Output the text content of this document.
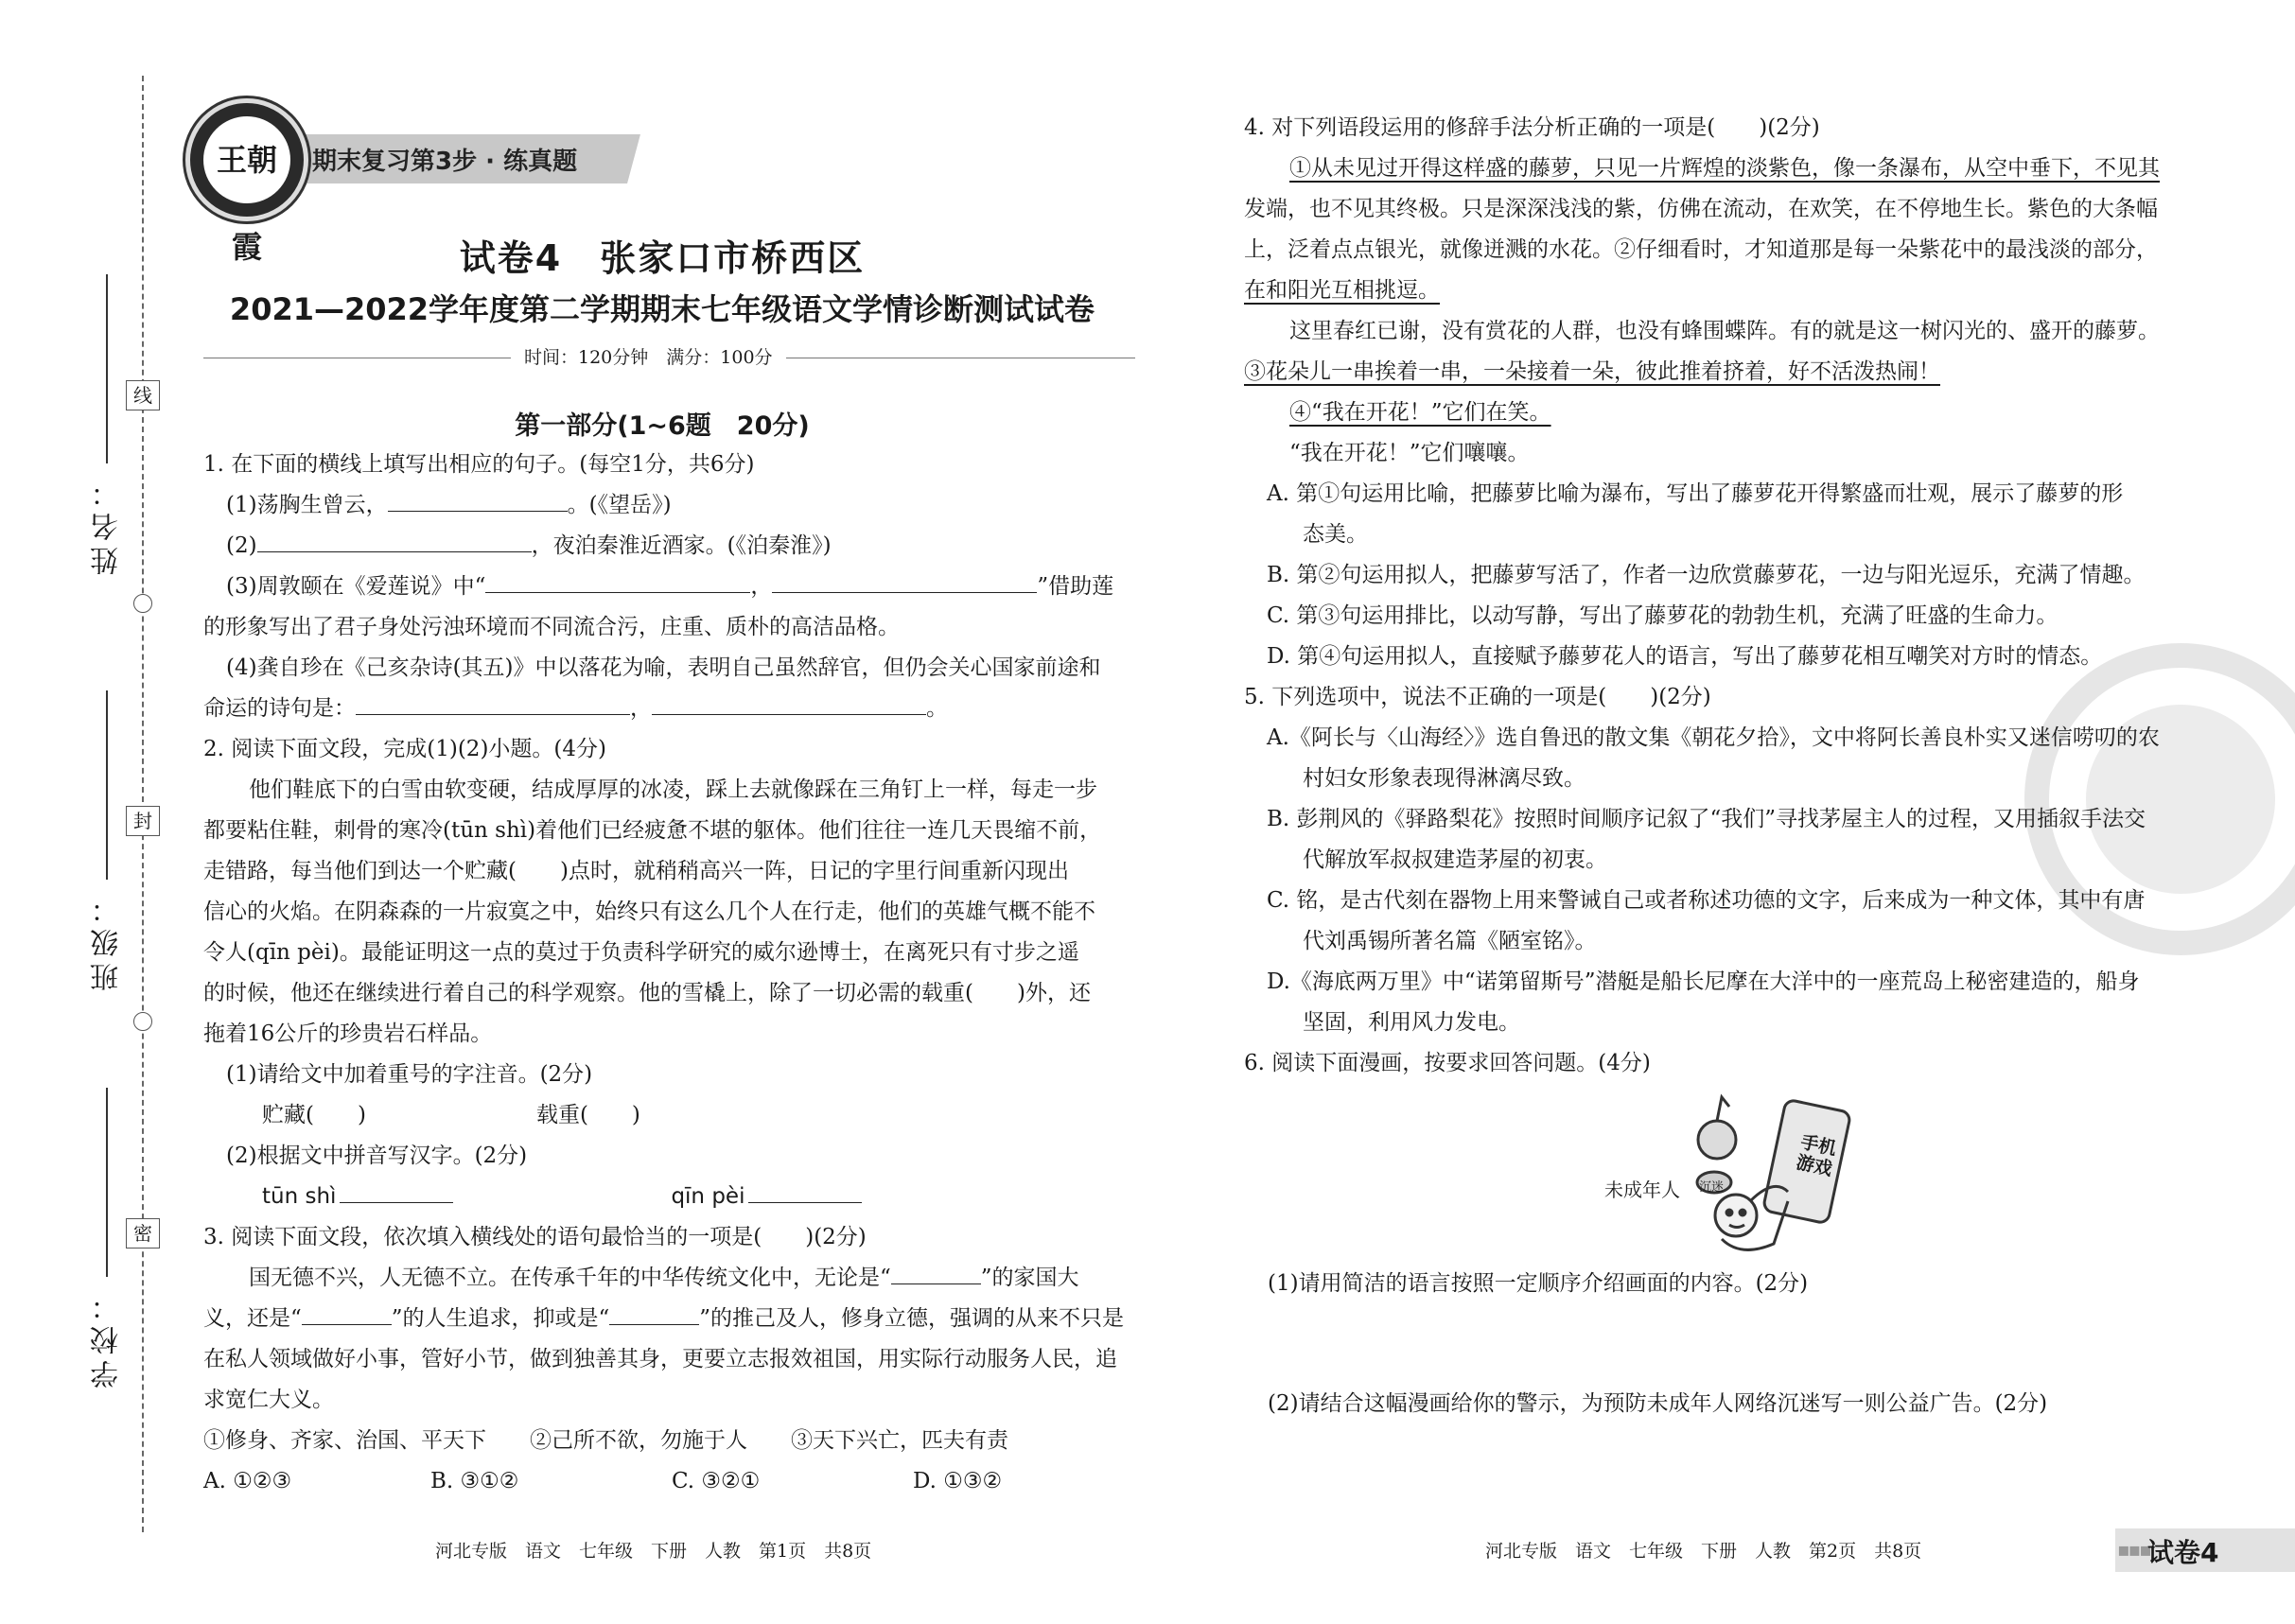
线
封
密
姓名：
班级：
学校：
王朝霞
期末复习第3步 · 练真题
试卷4　张家口市桥西区
2021—2022学年度第二学期期末七年级语文学情诊断测试试卷
时间：120分钟　满分：100分
第一部分(1~6题　20分)

1. 在下面的横线上填写出相应的句子。(每空1分，共6分)

(1)荡胸生曾云，	。(《望岳》)

(2)	，夜泊秦淮近酒家。(《泊秦淮》)

(3)周敦颐在《爱莲说》中“	，	”借助莲

的形象写出了君子身处污浊环境而不同流合污，庄重、质朴的高洁品格。

(4)龚自珍在《己亥杂诗(其五)》中以落花为喻，表明自己虽然辞官，但仍会关心国家前途和

命运的诗句是：	，	。

2. 阅读下面文段，完成(1)(2)小题。(4分)

他们鞋底下的白雪由软变硬，结成厚厚的冰凌，踩上去就像踩在三角钉上一样，每走一步

都要粘住鞋，刺骨的寒冷(tūn shì)着他们已经疲惫不堪的躯体。他们往往一连几天畏缩不前，

走错路，每当他们到达一个贮藏(　　)点时，就稍稍高兴一阵，日记的字里行间重新闪现出

信心的火焰。在阴森森的一片寂寞之中，始终只有这么几个人在行走，他们的英雄气概不能不

令人(qīn pèi)。最能证明这一点的莫过于负责科学研究的威尔逊博士，在离死只有寸步之遥

的时候，他还在继续进行着自己的科学观察。他的雪橇上，除了一切必需的载重(　　)外，还

拖着16公斤的珍贵岩石样品。

(1)请给文中加着重号的字注音。(2分)

贮藏(　　)	载重(　　)

(2)根据文中拼音写汉字。(2分)

tūn shì	qīn pèi

3. 阅读下面文段，依次填入横线处的语句最恰当的一项是(　　)(2分)

国无德不兴，人无德不立。在传承千年的中华传统文化中，无论是“	”的家国大

义，还是“	”的人生追求，抑或是“	”的推己及人，修身立德，强调的从来不只是

在私人领域做好小事，管好小节，做到独善其身，更要立志报效祖国，用实际行动服务人民，追

求宽仁大义。

①修身、齐家、治国、平天下　　②己所不欲，勿施于人　　③天下兴亡，匹夫有责

A. ①②③	B. ③①②	C. ③②①	D. ①③②

河北专版　语文　七年级　下册　人教　第1页　共8页

4. 对下列语段运用的修辞手法分析正确的一项是(　　)(2分)

①从未见过开得这样盛的藤萝，只见一片辉煌的淡紫色，像一条瀑布，从空中垂下，不见其

发端，也不见其终极。只是深深浅浅的紫，仿佛在流动，在欢笑，在不停地生长。紫色的大条幅

上，泛着点点银光，就像迸溅的水花。②仔细看时，才知道那是每一朵紫花中的最浅淡的部分，

在和阳光互相挑逗。

这里春红已谢，没有赏花的人群，也没有蜂围蝶阵。有的就是这一树闪光的、盛开的藤萝。

③花朵儿一串挨着一串，一朵接着一朵，彼此推着挤着，好不活泼热闹！

④“我在开花！”它们在笑。

“我在开花！”它们嚷嚷。

A. 第①句运用比喻，把藤萝比喻为瀑布，写出了藤萝花开得繁盛而壮观，展示了藤萝的形

态美。

B. 第②句运用拟人，把藤萝写活了，作者一边欣赏藤萝花，一边与阳光逗乐，充满了情趣。

C. 第③句运用排比，以动写静，写出了藤萝花的勃勃生机，充满了旺盛的生命力。

D. 第④句运用拟人，直接赋予藤萝花人的语言，写出了藤萝花相互嘲笑对方时的情态。

5. 下列选项中，说法不正确的一项是(　　)(2分)

A.《阿长与〈山海经〉》选自鲁迅的散文集《朝花夕拾》，文中将阿长善良朴实又迷信唠叨的农

村妇女形象表现得淋漓尽致。

B. 彭荆风的《驿路梨花》按照时间顺序记叙了“我们”寻找茅屋主人的过程，又用插叙手法交

代解放军叔叔建造茅屋的初衷。

C. 铭，是古代刻在器物上用来警诫自己或者称述功德的文字，后来成为一种文体，其中有唐

代刘禹锡所著名篇《陋室铭》。

D.《海底两万里》中“诺第留斯号”潜艇是船长尼摩在大洋中的一座荒岛上秘密建造的，船身

坚固，利用风力发电。

6. 阅读下面漫画，按要求回答问题。(4分)

未成年人 沉迷
手机游戏

(1)请用简洁的语言按照一定顺序介绍画面的内容。(2分)

(2)请结合这幅漫画给你的警示，为预防未成年人网络沉迷写一则公益广告。(2分)

河北专版　语文　七年级　下册　人教　第2页　共8页	▪▪▪
试卷4
